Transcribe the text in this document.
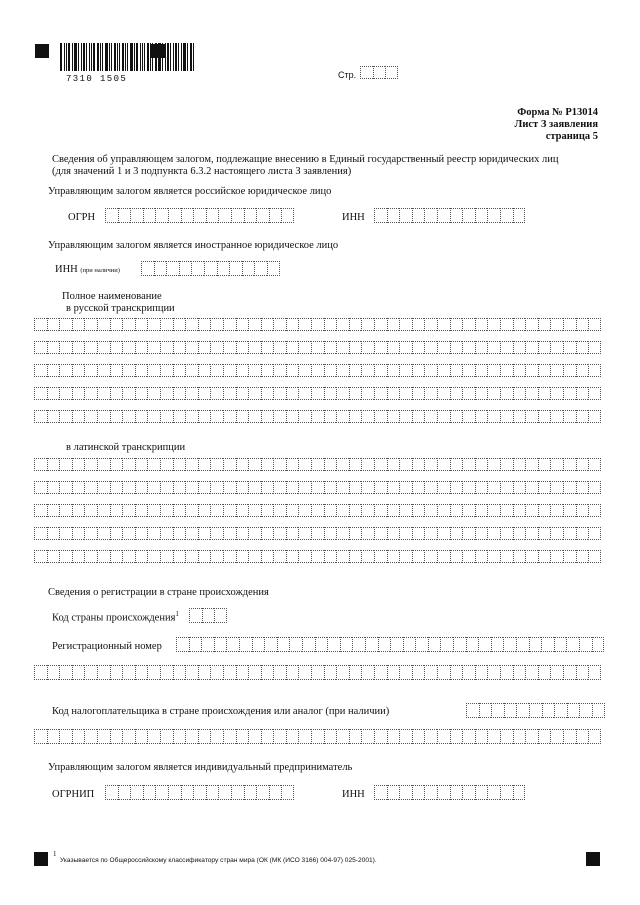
7310 1505	Стр.
Форма № Р13014
Лист З заявления
страница 5
Сведения об управляющем залогом, подлежащие внесению в Единый государственный реестр юридических лиц
(для значений 1 и 3 подпункта 6.3.2 настоящего листа З заявления)
Управляющим залогом является российское юридическое лицо
ОГРН	ИНН
Управляющим залогом является иностранное юридическое лицо
ИНН (при наличии)
Полное наименование
в русской транскрипции
в латинской транскрипции
Сведения о регистрации в стране происхождения
Код страны происхождения$^1$
Регистрационный номер
Код налогоплательщика в стране происхождения или аналог (при наличии)
Управляющим залогом является индивидуальный предприниматель
ОГРНИП	ИНН
1
Указывается по Общероссийскому классификатору стран мира (ОК (МК (ИСО 3166) 004-97) 025-2001).
